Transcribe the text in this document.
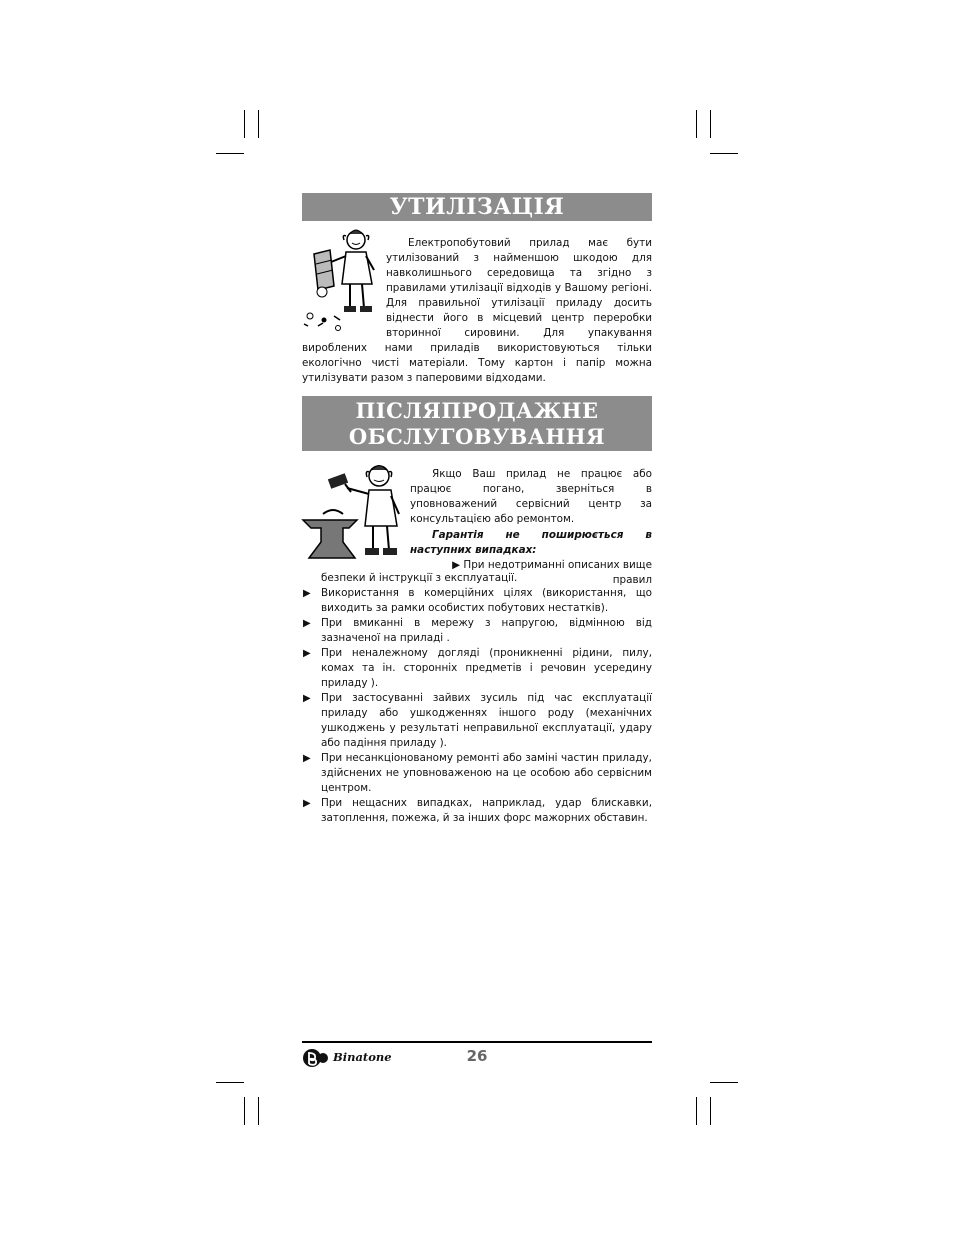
УТИЛІЗАЦІЯ

Електропобутовий прилад має бути утилізований з найменшою шкодою для навколишнього середовища та згідно з правилами утилізації відходів у Вашому регіоні. Для правильної утилізації приладу досить віднести його в місцевий центр переробки вторинної сировини. Для упакування

вироблених нами приладів використовуються тільки екологічно чисті матеріали. Тому картон і папір можна утилізувати разом з паперовими відходами.

ПІСЛЯПРОДАЖНЕ
ОБСЛУГОВУВАННЯ

Якщо Ваш прилад не працює або працює погано, зверніться в уповноважений сервісний центр за консультацією або ремонтом.

Гарантія не поширюється в наступних випадках:

▶ При недотриманні описаних вище правил

безпеки й інструкції з експлуатації.

▶ Використання в комерційних цілях (використання, що виходить за рамки особистих побутових нестатків).
▶ При вмиканні в мережу з напругою, відмінною від зазначеної на приладі .
▶ При неналежному догляді (проникненні рідини, пилу, комах та ін. сторонніх предметів і речовин усередину приладу ).
▶ При застосуванні зайвих зусиль під час експлуатації приладу або ушкодженнях іншого роду (механічних ушкоджень у результаті неправильної експлуатації, удару або падіння приладу ).
▶ При несанкціонованому ремонті або заміні частин приладу, здійснених не уповноваженою на це особою або сервісним центром.
▶ При нещасних випадках, наприклад, удар блискавки, затоплення, пожежа, й за інших форс мажорних обставин.
Binatone	26
